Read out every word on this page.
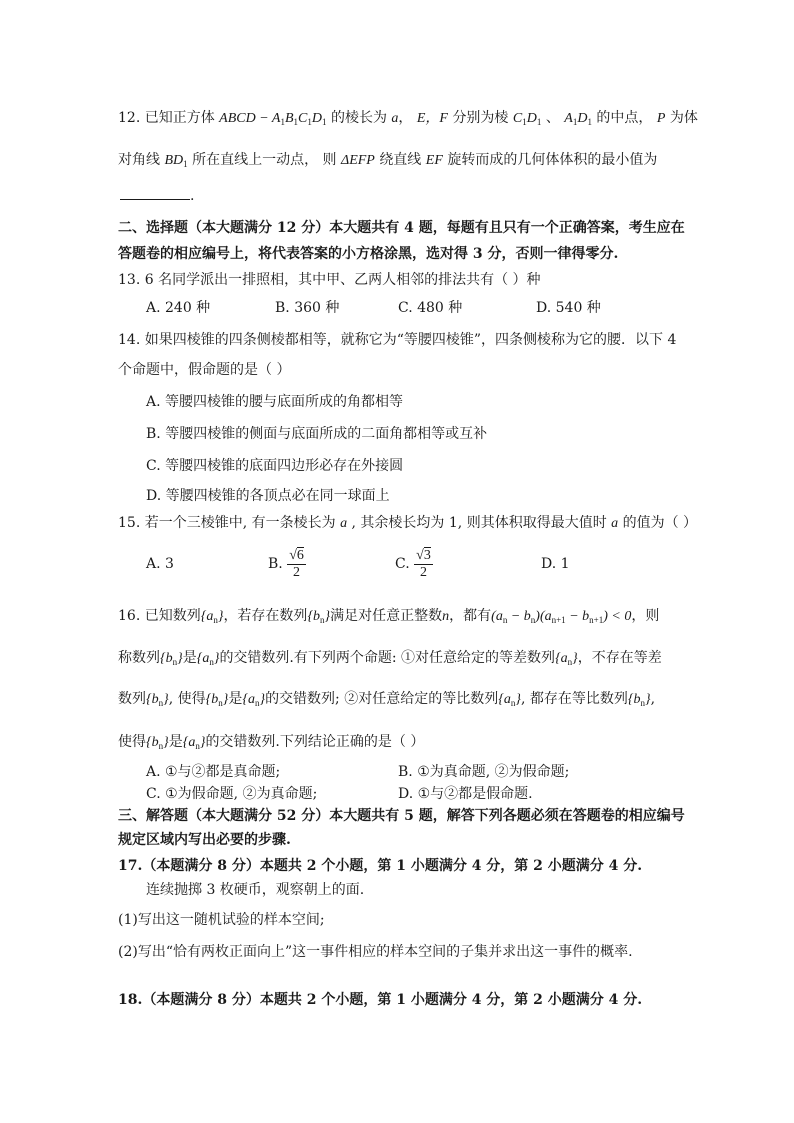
12. 已知正方体 ABCD − $A_1B_1C_1D_1$ 的棱长为 a， E，F 分别为棱 $C_1D_1$ 、 $A_1D_1$ 的中点， P 为体
对角线 $BD_1$ 所在直线上一动点， 则 ΔEFP 绕直线 EF 旋转而成的几何体体积的最小值为
.
二、选择题（本大题满分 12 分）本大题共有 4 题，每题有且只有一个正确答案，考生应在
答题卷的相应编号上，将代表答案的小方格涂黑，选对得 3 分，否则一律得零分.
13. 6 名同学派出一排照相，其中甲、乙两人相邻的排法共有（ ）种
A. 240 种	B. 360 种	C. 480 种	D. 540 种
14. 如果四棱锥的四条侧棱都相等，就称它为“等腰四棱锥”，四条侧棱称为它的腰．以下 4
个命题中，假命题的是（ ）
A. 等腰四棱锥的腰与底面所成的角都相等
B. 等腰四棱锥的侧面与底面所成的二面角都相等或互补
C. 等腰四棱锥的底面四边形必存在外接圆
D. 等腰四棱锥的各顶点必在同一球面上
15. 若一个三棱锥中, 有一条棱长为 a , 其余棱长均为 1, 则其体积取得最大值时 a 的值为（ ）
A. 3	B. $\frac{√6}{2}$	C. $\frac{√3}{2}$	D. 1
16. 已知数列$\{a_n\}$，若存在数列$\{b_n\}$满足对任意正整数n，都有$(a_n - b_n)(a_{n+1} - b_{n+1}) < 0$，则
称数列$\{b_n\}$是$\{a_n\}$的交错数列.有下列两个命题: ①对任意给定的等差数列$\{a_n\}$，不存在等差
数列$\{b_n\}$, 使得$\{b_n\}$是$\{a_n\}$的交错数列; ②对任意给定的等比数列$\{a_n\}$, 都存在等比数列$\{b_n\}$,
使得$\{b_n\}$是$\{a_n\}$的交错数列.下列结论正确的是（ ）
A. ①与②都是真命题;	B. ①为真命题, ②为假命题;
C. ①为假命题, ②为真命题;	D. ①与②都是假命题.
三、解答题（本大题满分 52 分）本大题共有 5 题，解答下列各题必须在答题卷的相应编号
规定区域内写出必要的步骤.
17.（本题满分 8 分）本题共 2 个小题，第 1 小题满分 4 分，第 2 小题满分 4 分.
连续抛掷 3 枚硬币，观察朝上的面.
(1)写出这一随机试验的样本空间;
(2)写出“恰有两枚正面向上”这一事件相应的样本空间的子集并求出这一事件的概率.
18.（本题满分 8 分）本题共 2 个小题，第 1 小题满分 4 分，第 2 小题满分 4 分.
